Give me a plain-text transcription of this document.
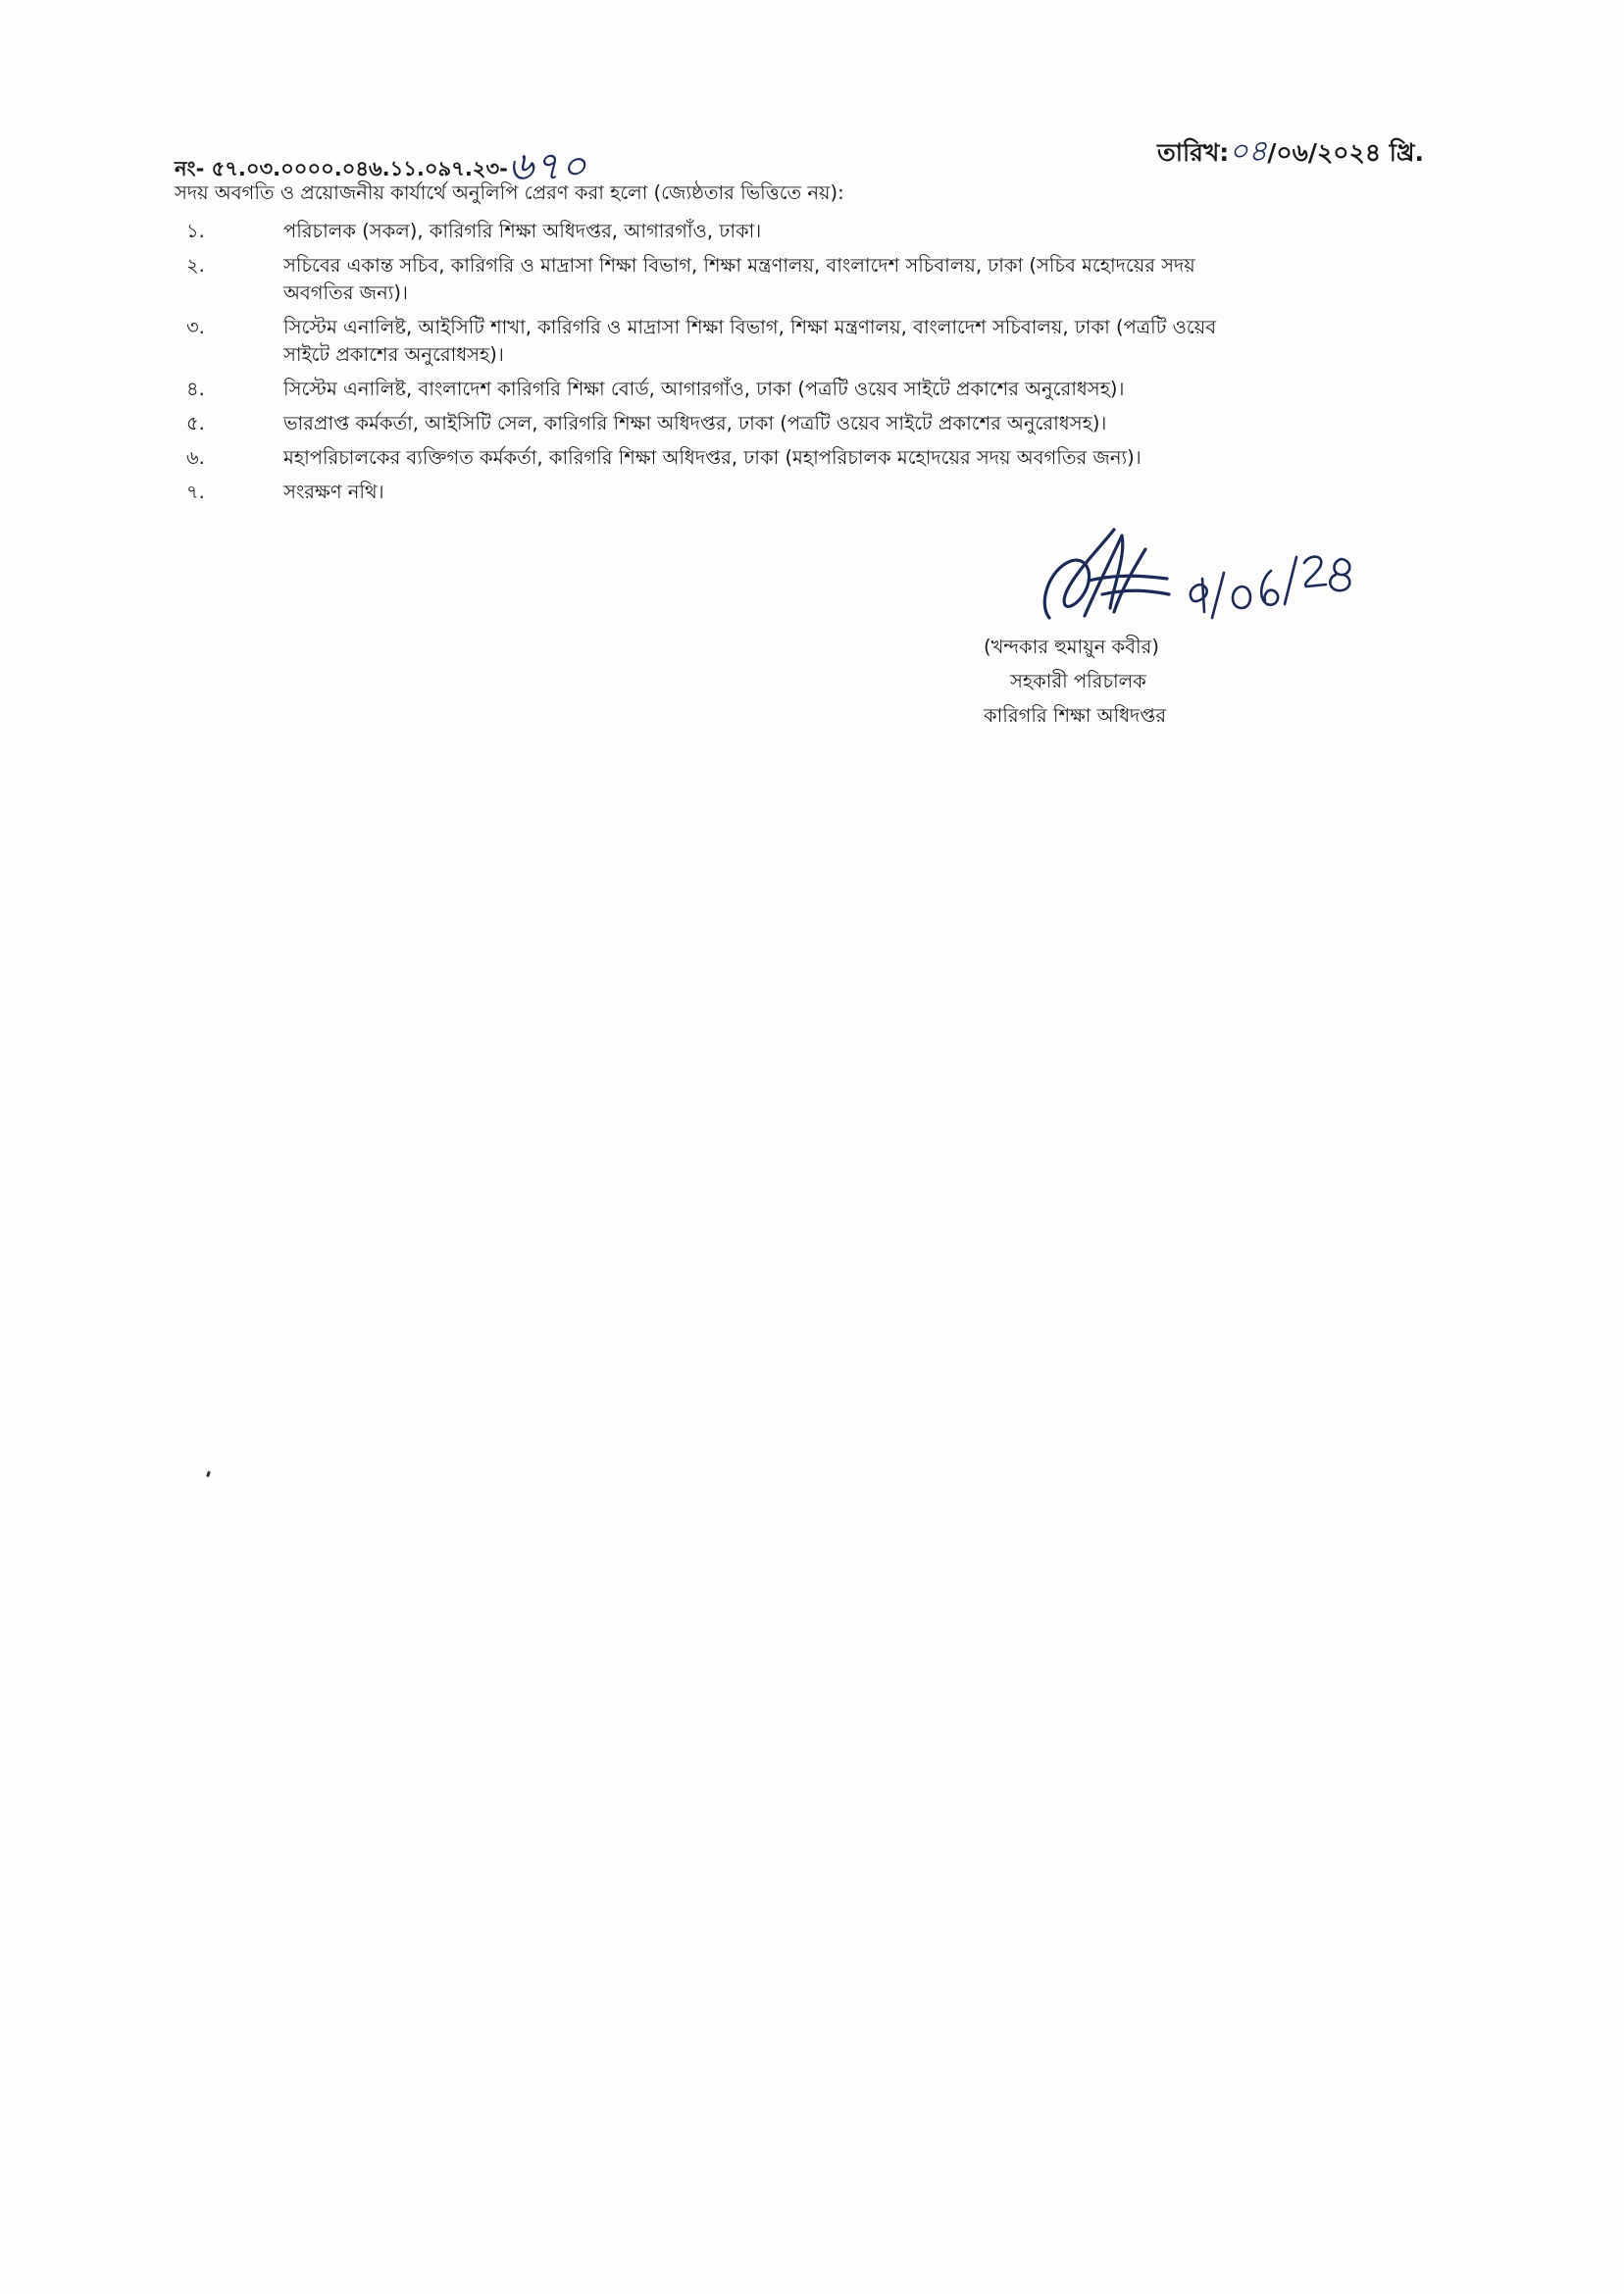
নং- ৫৭.০৩.০০০০.০৪৬.১১.০৯৭.২৩-৬৭০	তারিখ:০৪/০৬/২০২৪ খ্রি.
সদয় অবগতি ও প্রয়োজনীয় কার্যার্থে অনুলিপি প্রেরণ করা হলো (জ্যেষ্ঠতার ভিত্তিতে নয়):
১.	পরিচালক (সকল), কারিগরি শিক্ষা অধিদপ্তর, আগারগাঁও, ঢাকা।
২.	সচিবের একান্ত সচিব, কারিগরি ও মাদ্রাসা শিক্ষা বিভাগ, শিক্ষা মন্ত্রণালয়, বাংলাদেশ সচিবালয়, ঢাকা (সচিব মহোদয়ের সদয়
অবগতির জন্য)।
৩.	সিস্টেম এনালিষ্ট, আইসিটি শাখা, কারিগরি ও মাদ্রাসা শিক্ষা বিভাগ, শিক্ষা মন্ত্রণালয়, বাংলাদেশ সচিবালয়, ঢাকা (পত্রটি ওয়েব
সাইটে প্রকাশের অনুরোধসহ)।
৪.	সিস্টেম এনালিষ্ট, বাংলাদেশ কারিগরি শিক্ষা বোর্ড, আগারগাঁও, ঢাকা (পত্রটি ওয়েব সাইটে প্রকাশের অনুরোধসহ)।
৫.	ভারপ্রাপ্ত কর্মকর্তা, আইসিটি সেল, কারিগরি শিক্ষা অধিদপ্তর, ঢাকা (পত্রটি ওয়েব সাইটে প্রকাশের অনুরোধসহ)।
৬.	মহাপরিচালকের ব্যক্তিগত কর্মকর্তা, কারিগরি শিক্ষা অধিদপ্তর, ঢাকা (মহাপরিচালক মহোদয়ের সদয় অবগতির জন্য)।
৭.	সংরক্ষণ নথি।
(খন্দকার হুমায়ুন কবীর)
সহকারী পরিচালক
কারিগরি শিক্ষা অধিদপ্তর
